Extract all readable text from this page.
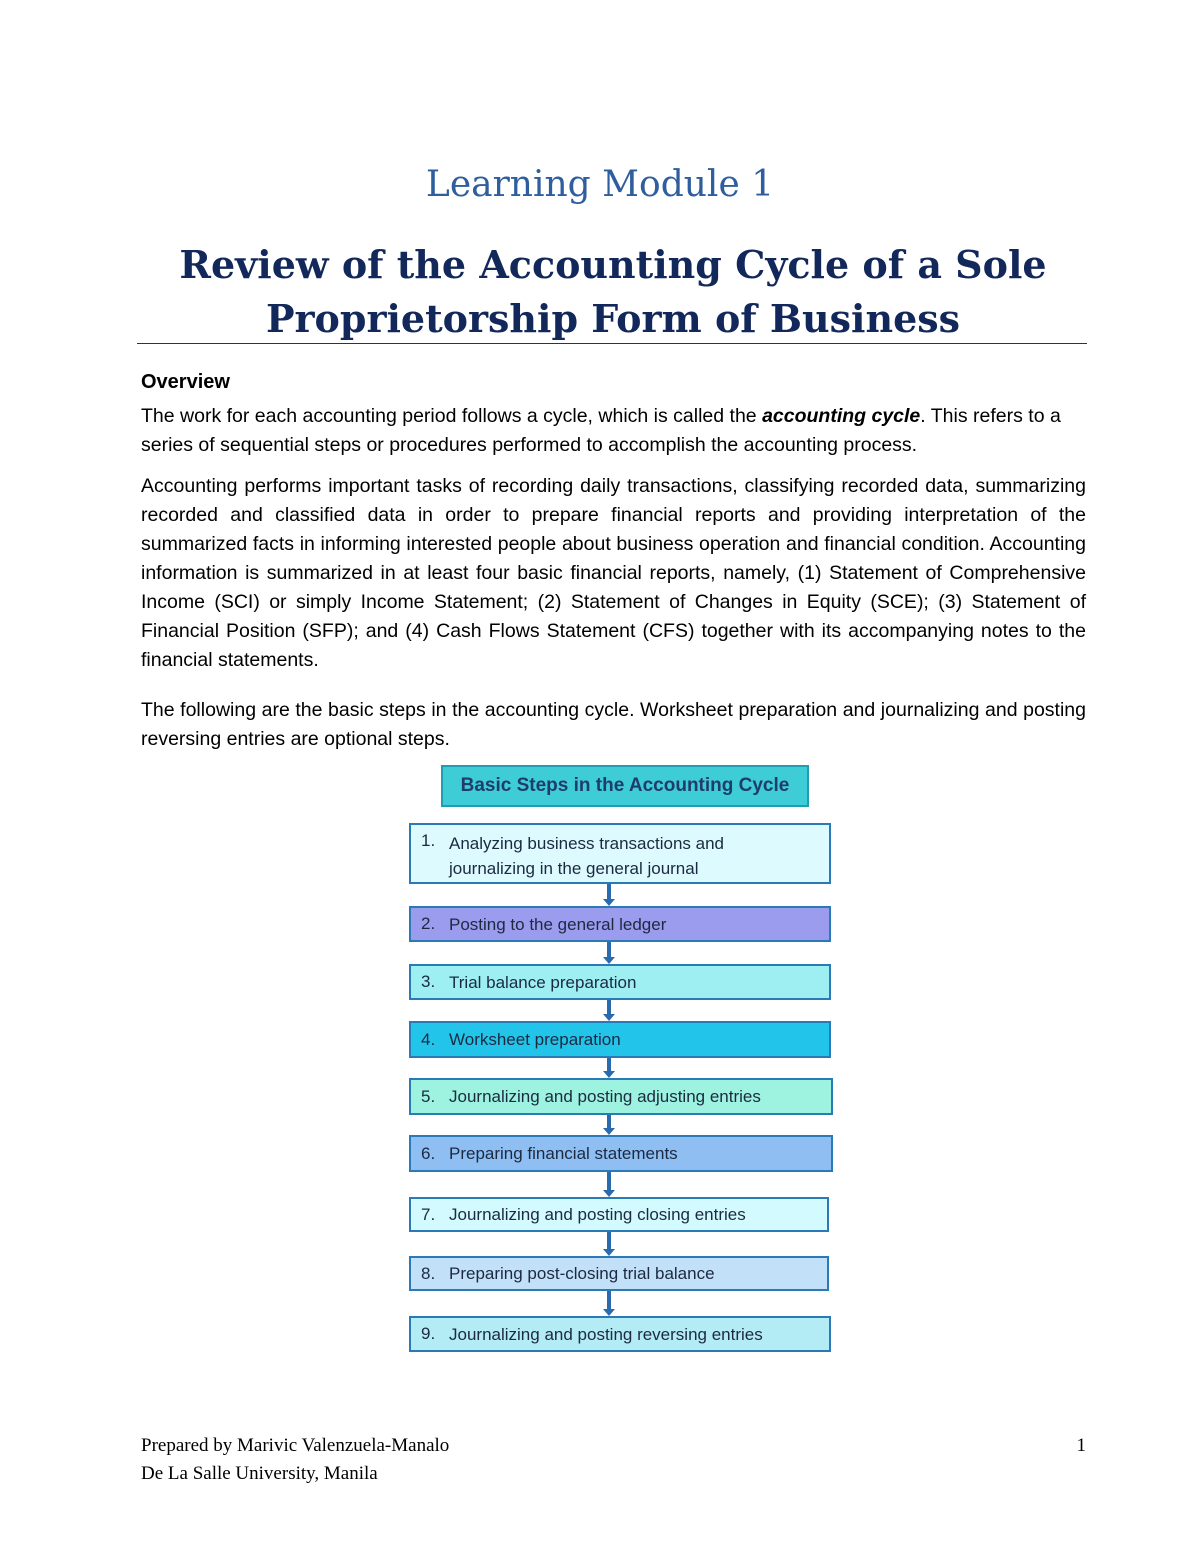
Learning Module 1
Review of the Accounting Cycle of a Sole
Proprietorship Form of Business
Overview
The work for each accounting period follows a cycle, which is called the accounting cycle. This refers to a series of sequential steps or procedures performed to accomplish the accounting process.
Accounting performs important tasks of recording daily transactions, classifying recorded data, summarizing recorded and classified data in order to prepare financial reports and providing interpretation of the summarized facts in informing interested people about business operation and financial condition. Accounting information is summarized in at least four basic financial reports, namely, (1) Statement of Comprehensive Income (SCI) or simply Income Statement; (2) Statement of Changes in Equity (SCE); (3) Statement of Financial Position (SFP); and (4) Cash Flows Statement (CFS) together with its accompanying notes to the financial statements.
The following are the basic steps in the accounting cycle. Worksheet preparation and journalizing and posting reversing entries are optional steps.
Basic Steps in the Accounting Cycle
1. Analyzing business transactions and journalizing in the general journal
2. Posting to the general ledger
3. Trial balance preparation
4. Worksheet preparation
5. Journalizing and posting adjusting entries
6. Preparing financial statements
7. Journalizing and posting closing entries
8. Preparing post-closing trial balance
9. Journalizing and posting reversing entries
Prepared by Marivic Valenzuela-Manalo
De La Salle University, Manila
1
